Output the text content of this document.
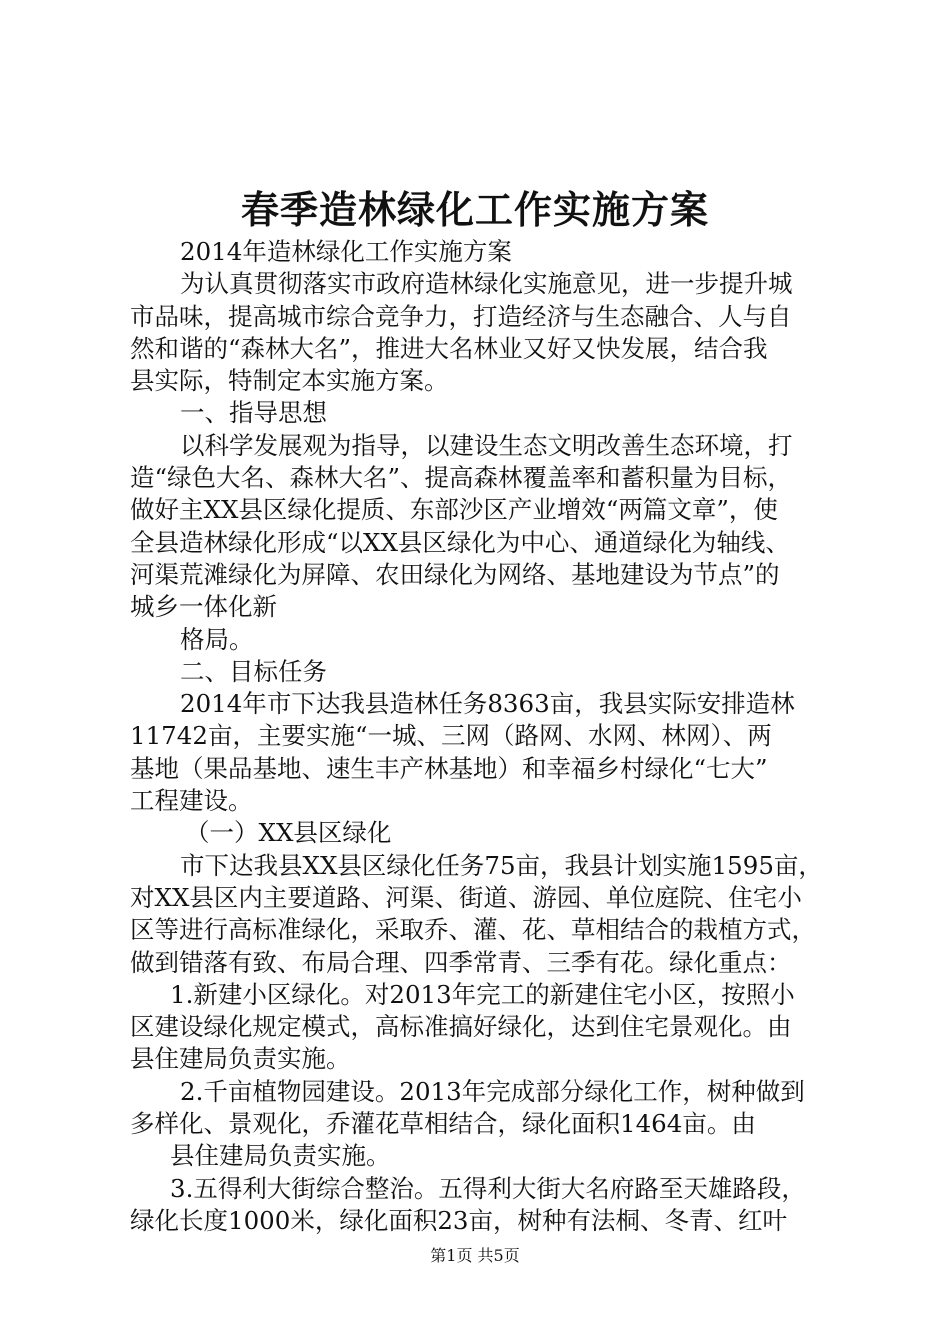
春季造林绿化工作实施方案
2014年造林绿化工作实施方案
为认真贯彻落实市政府造林绿化实施意见，进一步提升城
市品味，提高城市综合竞争力，打造经济与生态融合、人与自
然和谐的“森林大名”，推进大名林业又好又快发展，结合我
县实际，特制定本实施方案。
一、指导思想
以科学发展观为指导，以建设生态文明改善生态环境，打
造“绿色大名、森林大名”、提高森林覆盖率和蓄积量为目标，
做好主XX县区绿化提质、东部沙区产业增效“两篇文章”，使
全县造林绿化形成“以XX县区绿化为中心、通道绿化为轴线、
河渠荒滩绿化为屏障、农田绿化为网络、基地建设为节点”的
城乡一体化新
格局。
二、目标任务
2014年市下达我县造林任务8363亩，我县实际安排造林
11742亩，主要实施“一城、三网（路网、水网、林网）、两
基地（果品基地、速生丰产林基地）和幸福乡村绿化“七大”
工程建设。
（一）XX县区绿化
市下达我县XX县区绿化任务75亩，我县计划实施1595亩，
对XX县区内主要道路、河渠、街道、游园、单位庭院、住宅小
区等进行高标准绿化，采取乔、灌、花、草相结合的栽植方式，
做到错落有致、布局合理、四季常青、三季有花。绿化重点：
1.新建小区绿化。对2013年完工的新建住宅小区，按照小
区建设绿化规定模式，高标准搞好绿化，达到住宅景观化。由
县住建局负责实施。
2.千亩植物园建设。2013年完成部分绿化工作，树种做到
多样化、景观化，乔灌花草相结合，绿化面积1464亩。由
县住建局负责实施。
3.五得利大街综合整治。五得利大街大名府路至天雄路段，
绿化长度1000米，绿化面积23亩，树种有法桐、冬青、红叶
第1页 共5页
